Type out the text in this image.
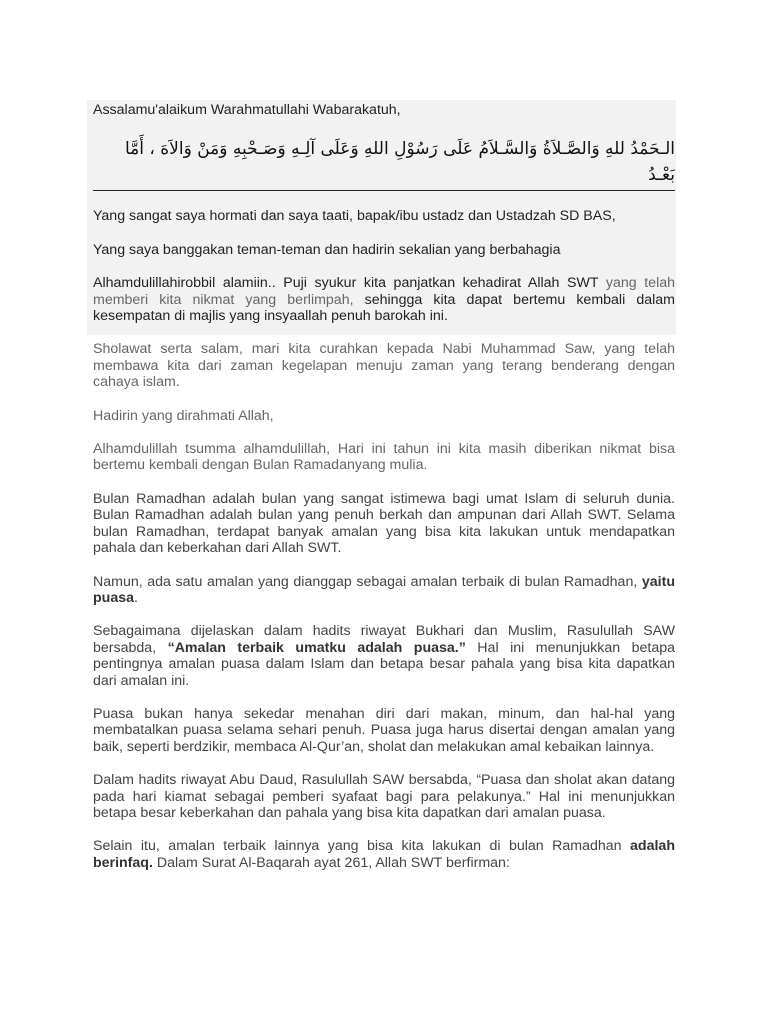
Assalamu'alaikum Warahmatullahi Wabarakatuh,

الـحَمْدُ للهِ وَالصَّـلاَةُ وَالسَّـلاَمُ عَلَى رَسُوْلِ اللهِ وَعَلَى آلِـهِ وَصَـحْبِهِ وَمَنْ وَالاَهَ ، أَمَّا بَعْـدُ

Yang sangat saya hormati dan saya taati, bapak/ibu ustadz dan Ustadzah SD BAS,

Yang saya banggakan teman-teman dan hadirin sekalian yang berbahagia

Alhamdulillahirobbil alamiin.. Puji syukur kita panjatkan kehadirat Allah SWT yang telah memberi kita nikmat yang berlimpah, sehingga kita dapat bertemu kembali dalam kesempatan di majlis yang insyaallah penuh barokah ini.

Sholawat serta salam, mari kita curahkan kepada Nabi Muhammad Saw, yang telah membawa kita dari zaman kegelapan menuju zaman yang terang benderang dengan cahaya islam.

Hadirin yang dirahmati Allah,

Alhamdulillah tsumma alhamdulillah, Hari ini tahun ini kita masih diberikan nikmat bisa bertemu kembali dengan Bulan Ramadanyang mulia.

Bulan Ramadhan adalah bulan yang sangat istimewa bagi umat Islam di seluruh dunia. Bulan Ramadhan adalah bulan yang penuh berkah dan ampunan dari Allah SWT. Selama bulan Ramadhan, terdapat banyak amalan yang bisa kita lakukan untuk mendapatkan pahala dan keberkahan dari Allah SWT.

Namun, ada satu amalan yang dianggap sebagai amalan terbaik di bulan Ramadhan, yaitu puasa.

Sebagaimana dijelaskan dalam hadits riwayat Bukhari dan Muslim, Rasulullah SAW bersabda, “Amalan terbaik umatku adalah puasa.” Hal ini menunjukkan betapa pentingnya amalan puasa dalam Islam dan betapa besar pahala yang bisa kita dapatkan dari amalan ini.

Puasa bukan hanya sekedar menahan diri dari makan, minum, dan hal-hal yang membatalkan puasa selama sehari penuh. Puasa juga harus disertai dengan amalan yang baik, seperti berdzikir, membaca Al-Qur’an, sholat dan melakukan amal kebaikan lainnya.

Dalam hadits riwayat Abu Daud, Rasulullah SAW bersabda, “Puasa dan sholat akan datang pada hari kiamat sebagai pemberi syafaat bagi para pelakunya.” Hal ini menunjukkan betapa besar keberkahan dan pahala yang bisa kita dapatkan dari amalan puasa.

Selain itu, amalan terbaik lainnya yang bisa kita lakukan di bulan Ramadhan adalah berinfaq. Dalam Surat Al-Baqarah ayat 261, Allah SWT berfirman:
